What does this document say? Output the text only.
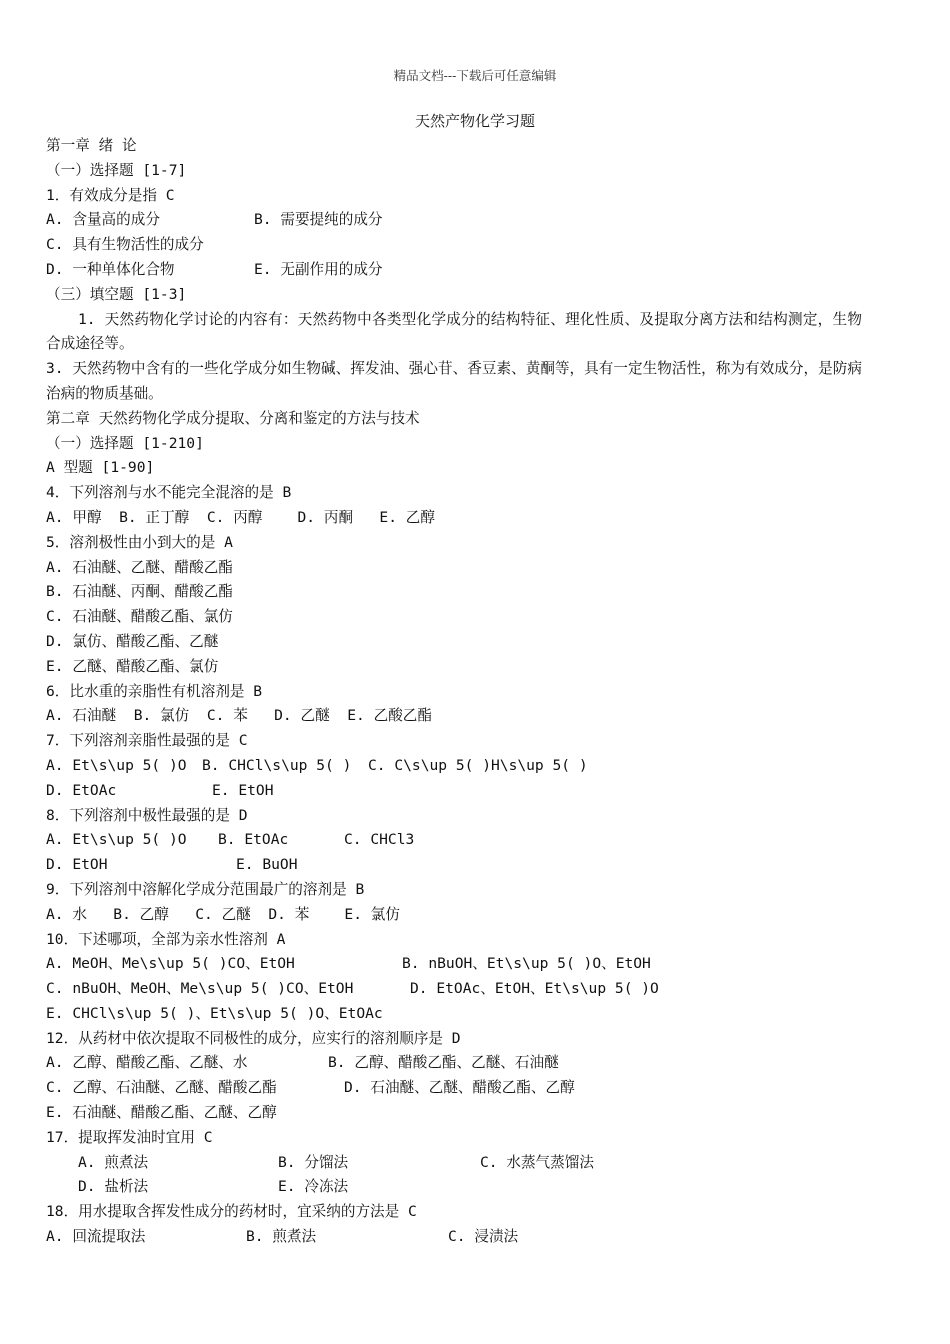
精品文档---下载后可任意编辑
天然产物化学习题
第一章 绪 论
（一）选择题 [1-7]
1．有效成分是指 C
A. 含量高的成分	B. 需要提纯的成分
C. 具有生物活性的成分
D. 一种单体化合物	E. 无副作用的成分
（三）填空题 [1-3]
1. 天然药物化学讨论的内容有：天然药物中各类型化学成分的结构特征、理化性质、及提取分离方法和结构测定，生物合成途径等。
3. 天然药物中含有的一些化学成分如生物碱、挥发油、强心苷、香豆素、黄酮等，具有一定生物活性，称为有效成分，是防病治病的物质基础。
第二章 天然药物化学成分提取、分离和鉴定的方法与技术
（一）选择题 [1-210]
A 型题 [1-90]
4．下列溶剂与水不能完全混溶的是 B
A. 甲醇  B. 正丁醇  C. 丙醇    D. 丙酮   E. 乙醇
5．溶剂极性由小到大的是 A
A. 石油醚、乙醚、醋酸乙酯
B. 石油醚、丙酮、醋酸乙酯
C. 石油醚、醋酸乙酯、氯仿
D. 氯仿、醋酸乙酯、乙醚
E. 乙醚、醋酸乙酯、氯仿
6．比水重的亲脂性有机溶剂是 B
A. 石油醚  B. 氯仿  C. 苯   D. 乙醚  E. 乙酸乙酯
7．下列溶剂亲脂性最强的是 C
A. Et\s\up 5( )O B. CHCl\s\up 5( ) C. C\s\up 5( )H\s\up 5( )
D. EtOAc	E. EtOH
8．下列溶剂中极性最强的是 D
A. Et\s\up 5( )O B. EtOAc	C. CHCl3
D. EtOH	E. BuOH
9．下列溶剂中溶解化学成分范围最广的溶剂是 B
A. 水   B. 乙醇   C. 乙醚  D. 苯    E. 氯仿
10．下述哪项，全部为亲水性溶剂 A
A. MeOH、Me\s\up 5( )CO、EtOH	B. nBuOH、Et\s\up 5( )O、EtOH
C. nBuOH、MeOH、Me\s\up 5( )CO、EtOH	D. EtOAc、EtOH、Et\s\up 5( )O
E. CHCl\s\up 5( )、Et\s\up 5( )O、EtOAc
12．从药材中依次提取不同极性的成分，应实行的溶剂顺序是 D
A. 乙醇、醋酸乙酯、乙醚、水	B. 乙醇、醋酸乙酯、乙醚、石油醚
C. 乙醇、石油醚、乙醚、醋酸乙酯	D. 石油醚、乙醚、醋酸乙酯、乙醇
E. 石油醚、醋酸乙酯、乙醚、乙醇
17．提取挥发油时宜用 C
A. 煎煮法	B. 分馏法	C. 水蒸气蒸馏法
D. 盐析法	E. 冷冻法
18．用水提取含挥发性成分的药材时，宜采纳的方法是 C
A. 回流提取法	B. 煎煮法	C. 浸渍法
